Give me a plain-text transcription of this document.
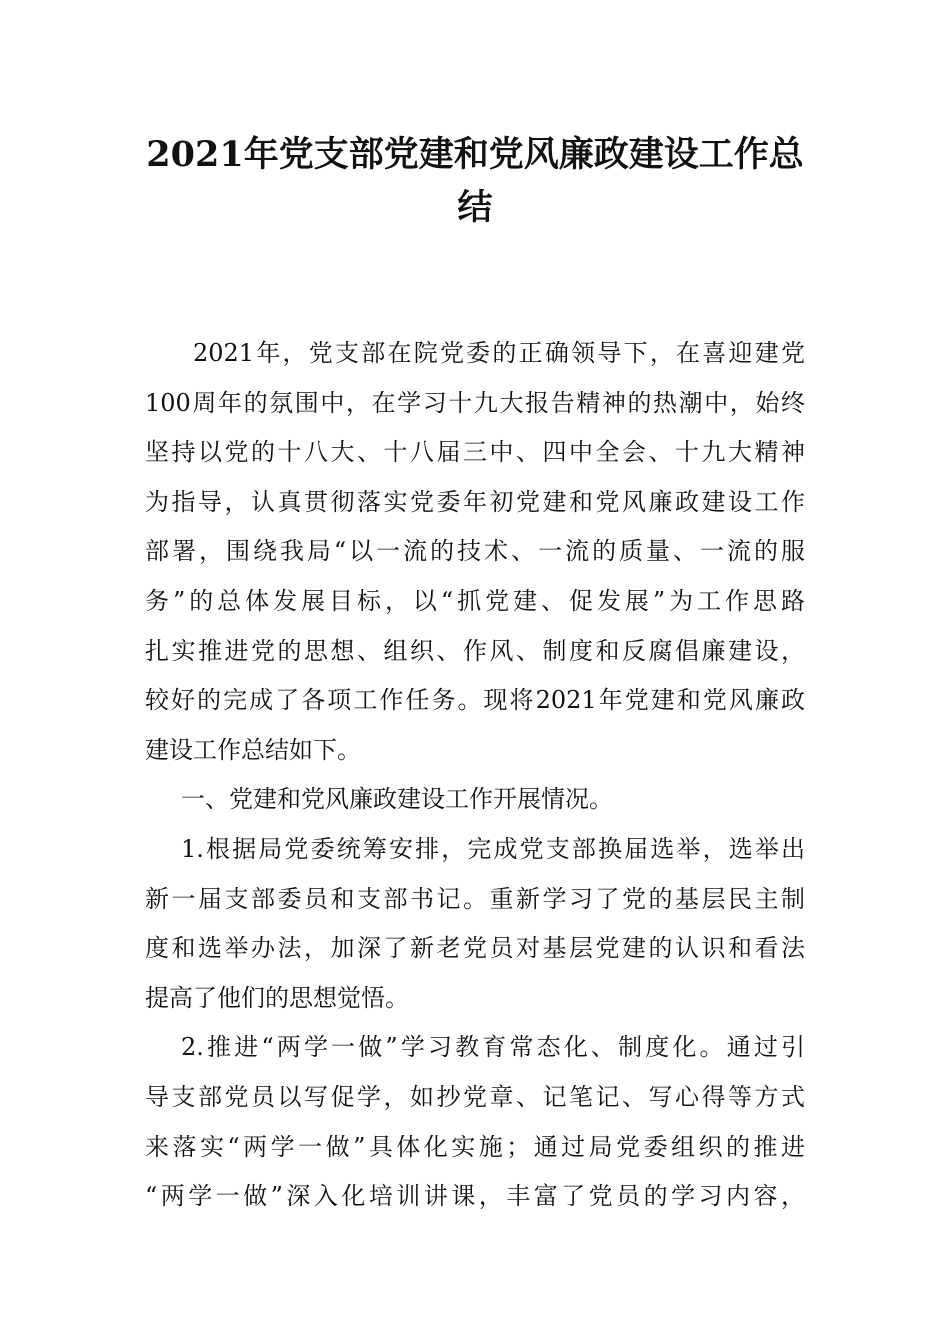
2021年党支部党建和党风廉政建设工作总
结
2021年，党支部在院党委的正确领导下，在喜迎建党
100周年的氛围中，在学习十九大报告精神的热潮中，始终
坚持以党的十八大、十八届三中、四中全会、十九大精神
为指导，认真贯彻落实党委年初党建和党风廉政建设工作
部署，围绕我局“以一流的技术、一流的质量、一流的服
务”的总体发展目标，以“抓党建、促发展”为工作思路
扎实推进党的思想、组织、作风、制度和反腐倡廉建设，
较好的完成了各项工作任务。现将2021年党建和党风廉政
建设工作总结如下。
一、党建和党风廉政建设工作开展情况。
1.根据局党委统筹安排，完成党支部换届选举，选举出
新一届支部委员和支部书记。重新学习了党的基层民主制
度和选举办法，加深了新老党员对基层党建的认识和看法
提高了他们的思想觉悟。
2.推进“两学一做”学习教育常态化、制度化。通过引
导支部党员以写促学，如抄党章、记笔记、写心得等方式
来落实“两学一做”具体化实施；通过局党委组织的推进
“两学一做”深入化培训讲课，丰富了党员的学习内容，
